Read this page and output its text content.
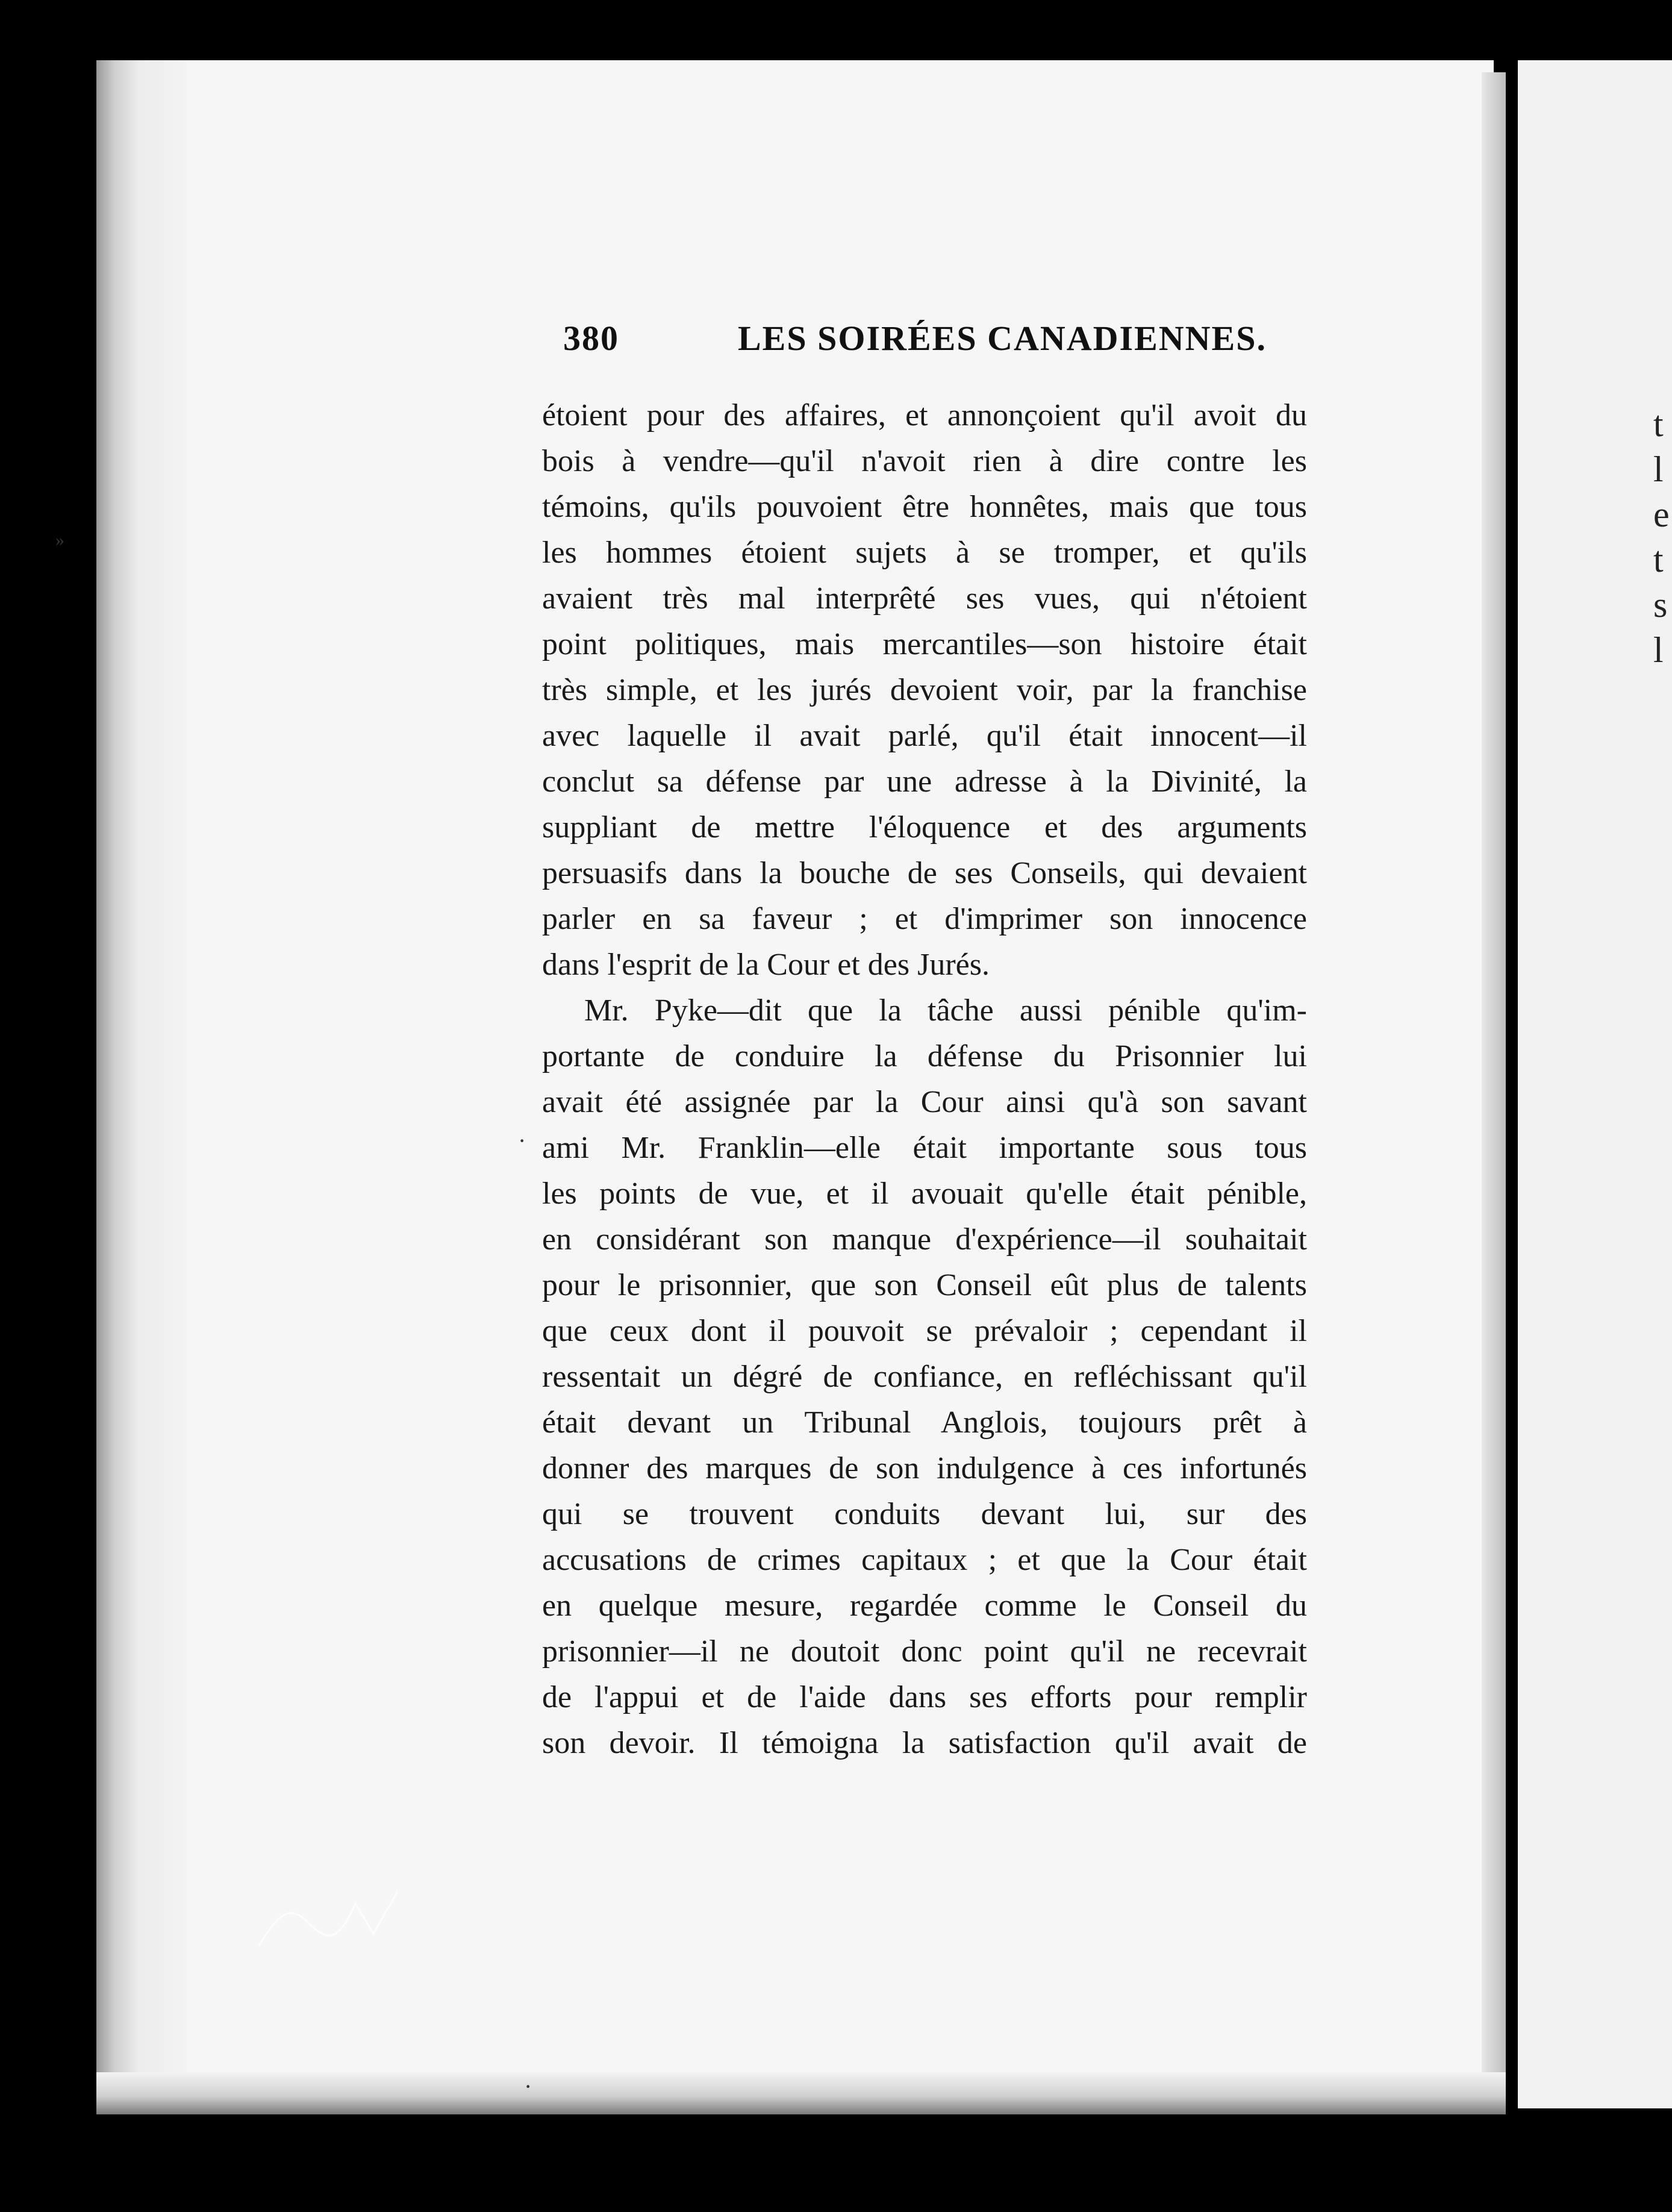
t
l
e
t
s
l
380	LES SOIRÉES CANADIENNES.
étoient pour des affaires, et annonçoient qu'il avoit du
bois à vendre—qu'il n'avoit rien à dire contre les
témoins, qu'ils pouvoient être honnêtes, mais que tous
les hommes étoient sujets à se tromper, et qu'ils
avaient très mal interprêté ses vues, qui n'étoient
point politiques, mais mercantiles—son histoire était
très simple, et les jurés devoient voir, par la franchise
avec laquelle il avait parlé, qu'il était innocent—il
conclut sa défense par une adresse à la Divinité, la
suppliant de mettre l'éloquence et des arguments
persuasifs dans la bouche de ses Conseils, qui devaient
parler en sa faveur ; et d'imprimer son innocence
dans l'esprit de la Cour et des Jurés.
Mr. Pyke—dit que la tâche aussi pénible qu'im-
portante de conduire la défense du Prisonnier lui
avait été assignée par la Cour ainsi qu'à son savant
ami Mr. Franklin—elle était importante sous tous
les points de vue, et il avouait qu'elle était pénible,
en considérant son manque d'expérience—il souhaitait
pour le prisonnier, que son Conseil eût plus de talents
que ceux dont il pouvoit se prévaloir ; cependant il
ressentait un dégré de confiance, en refléchissant qu'il
était devant un Tribunal Anglois, toujours prêt à
donner des marques de son indulgence à ces infortunés
qui se trouvent conduits devant lui, sur des
accusations de crimes capitaux ; et que la Cour était
en quelque mesure, regardée comme le Conseil du
prisonnier—il ne doutoit donc point qu'il ne recevrait
de l'appui et de l'aide dans ses efforts pour remplir
son devoir. Il témoigna la satisfaction qu'il avait de
·
·
»
